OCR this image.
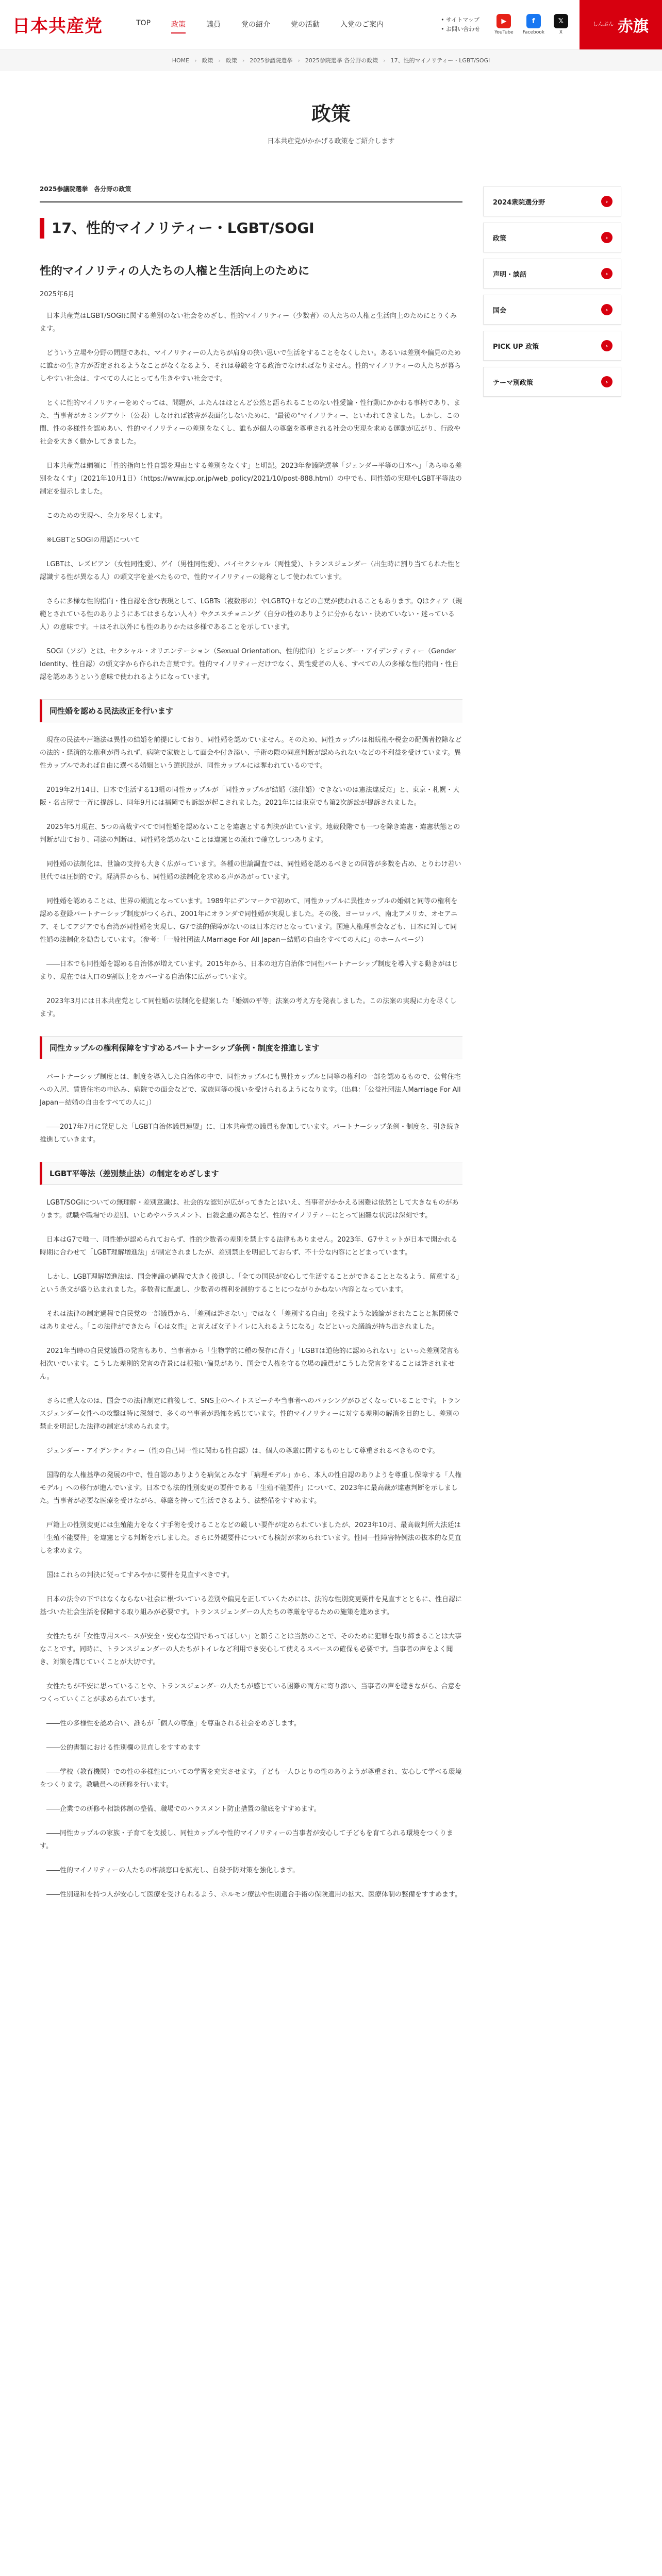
日本共産党	TOP	政策	議員	党の紹介	党の活動	入党のご案内
• サイトマップ
• お問い合わせ
▶
YouTube
f
Facebook
𝕏
X
しんぶん 赤旗
HOME › 政策 › 政策 › 2025参議院選挙 › 2025参院選挙 各分野の政策 › 17、性的マイノリティー・LGBT/SOGI
政策

日本共産党がかかげる政策をご紹介します

2025参議院選挙　各分野の政策
17、性的マイノリティー・LGBT/SOGI
性的マイノリティの人たちの人権と生活向上のために
2025年6月
日本共産党はLGBT/SOGIに関する差別のない社会をめざし、性的マイノリティー（少数者）の人たちの人権と生活向上のためにとりくみます。
どういう立場や分野の問題であれ、マイノリティーの人たちが肩身の狭い思いで生活をすることをなくしたい。あるいは差別や偏見のために誰かの生き方が否定されるようなことがなくなるよう、それは尊厳を守る政治でなければなりません。性的マイノリティーの人たちが暮らしやすい社会は、すべての人にとっても生きやすい社会です。
とくに性的マイノリティーをめぐっては、問題が、ふたんはほとんど公然と語られることのない性愛論・性行動にかかわる事柄であり、また、当事者がカミングアウト（公表）しなければ被害が表面化しないために、"最後の"マイノリティー、といわれてきました。しかし、この間、性の多様性を認めあい、性的マイノリティーの差別をなくし、誰もが個人の尊厳を尊重される社会の実現を求める運動が広がり、行政や社会を大きく動かしてきました。
日本共産党は綱領に「性的指向と性自認を理由とする差別をなくす」と明記。2023年参議院選挙「ジェンダー平等の日本へ」「あらゆる差別をなくす」（2021年10月1日）（https://www.jcp.or.jp/web_policy/2021/10/post-888.html）の中でも、同性婚の実現やLGBT平等法の制定を提示しました。
このための実現へ、全力を尽くします。
※LGBTとSOGIの用語について
LGBTは、レズビアン（女性同性愛）、ゲイ（男性同性愛）、バイセクシャル（両性愛）、トランスジェンダー（出生時に割り当てられた性と認識する性が異なる人）の頭文字を並べたもので、性的マイノリティーの総称として使われています。
さらに多様な性的指向・性自認を含む表現として、LGBTs（複数形の）やLGBTQ＋などの言葉が使われることもあります。Qはクィア（規範とされている性のありようにあてはまらない人々）やクエスチョニング（自分の性のありように分からない・決めていない・迷っている人）の意味です。＋はそれ以外にも性のありかたは多様であることを示しています。
SOGI（ソジ）とは、セクシャル・オリエンテーション（Sexual Orientation、性的指向）とジェンダー・アイデンティティー（Gender Identity、性自認）の頭文字から作られた言葉です。性的マイノリティーだけでなく、異性愛者の人も、すべての人の多様な性的指向・性自認を認めあうという意味で使われるようになっています。
同性婚を認める民法改正を行います
現在の民法や戸籍法は異性の結婚を前提にしており、同性婚を認めていません。そのため、同性カップルは相続権や税金の配偶者控除などの法的・経済的な権利が得られず、病院で家族として面会や付き添い、手術の際の同意判断が認められないなどの不利益を受けています。異性カップルであれば自由に選べる婚姻という選択肢が、同性カップルには奪われているのです。
2019年2月14日、日本で生活する13組の同性カップルが「同性カップルが結婚（法律婚）できないのは憲法違反だ」と、東京・札幌・大阪・名古屋で一斉に提訴し、同年9月には福岡でも訴訟が起こされました。2021年には東京でも第2次訴訟が提訴されました。
2025年5月現在、5つの高裁すべてで同性婚を認めないことを違憲とする判決が出ています。地裁段階でも一つを除き違憲・違憲状態との判断が出ており、司法の判断は、同性婚を認めないことは違憲との流れで確立しつつあります。
同性婚の法制化は、世論の支持も大きく広がっています。各種の世論調査では、同性婚を認めるべきとの回答が多数を占め、とりわけ若い世代では圧倒的です。経済界からも、同性婚の法制化を求める声があがっています。
同性婚を認めることは、世界の潮流となっています。1989年にデンマークで初めて、同性カップルに異性カップルの婚姻と同等の権利を認める登録パートナーシップ制度がつくられ、2001年にオランダで同性婚が実現しました。その後、ヨーロッパ、南北アメリカ、オセアニア、そしてアジアでも台湾が同性婚を実現し、G7で法的保障がないのは日本だけとなっています。国連人権理事会なども、日本に対して同性婚の法制化を勧告しています。（参考：「一般社団法人Marriage For All Japan－結婚の自由をすべての人に」のホームページ）
――日本でも同性婚を認める自治体が増えています。2015年から、日本の地方自治体で同性パートナーシップ制度を導入する動きがはじまり、現在では人口の9割以上をカバーする自治体に広がっています。
2023年3月には日本共産党として同性婚の法制化を提案した「婚姻の平等」法案の考え方を発表しました。この法案の実現に力を尽くします。
同性カップルの権利保障をすすめるパートナーシップ条例・制度を推進します
パートナーシップ制度とは、制度を導入した自治体の中で、同性カップルにも異性カップルと同等の権利の一部を認めるもので、公営住宅への入居、賃貸住宅の申込み、病院での面会などで、家族同等の扱いを受けられるようになります。（出典：「公益社団法人Marriage For All Japan－結婚の自由をすべての人に」）
――2017年7月に発足した「LGBT自治体議員連盟」に、日本共産党の議員も参加しています。パートナーシップ条例・制度を、引き続き推進していきます。
LGBT平等法（差別禁止法）の制定をめざします
LGBT/SOGIについての無理解・差別意識は、社会的な認知が広がってきたとはいえ、当事者がかかえる困難は依然として大きなものがあります。就職や職場での差別、いじめやハラスメント、自殺念慮の高さなど、性的マイノリティーにとって困難な状況は深刻です。
日本はG7で唯一、同性婚が認められておらず、性的少数者の差別を禁止する法律もありません。2023年、G7サミットが日本で開かれる時期に合わせて「LGBT理解増進法」が制定されましたが、差別禁止を明記しておらず、不十分な内容にとどまっています。
しかし、LGBT理解増進法は、国会審議の過程で大きく後退し、「全ての国民が安心して生活することができることとなるよう、留意する」という条文が盛り込まれました。多数者に配慮し、少数者の権利を制約することにつながりかねない内容となっています。
それは法律の制定過程で自民党の一部議員から、「差別は許さない」ではなく「差別する自由」を残すような議論がされたことと無関係ではありません。「この法律ができたら『心は女性』と言えば女子トイレに入れるようになる」などといった議論が持ち出されました。
2021年当時の自民党議員の発言もあり、当事者から「生物学的に種の保存に背く」「LGBTは道徳的に認められない」といった差別発言も相次いでいます。こうした差別的発言の背景には根強い偏見があり、国会で人権を守る立場の議員がこうした発言をすることは許されません。
さらに重大なのは、国会での法律制定に前後して、SNS上のヘイトスピーチや当事者へのバッシングがひどくなっていることです。トランスジェンダー女性への攻撃は特に深刻で、多くの当事者が恐怖を感じています。性的マイノリティーに対する差別の解消を目的とし、差別の禁止を明記した法律の制定が求められます。
ジェンダー・アイデンティティー（性の自己同一性に関わる性自認）は、個人の尊厳に関するものとして尊重されるべきものです。
国際的な人権基準の発展の中で、性自認のありようを病気とみなす「病理モデル」から、本人の性自認のありようを尊重し保障する「人権モデル」への移行が進んでいます。日本でも法的性別変更の要件である「生殖不能要件」について、2023年に最高裁が違憲判断を示しました。当事者が必要な医療を受けながら、尊厳を持って生活できるよう、法整備をすすめます。
戸籍上の性別変更には生殖能力をなくす手術を受けることなどの厳しい要件が定められていましたが、2023年10月、最高裁判所大法廷は「生殖不能要件」を違憲とする判断を示しました。さらに外観要件についても検討が求められています。性同一性障害特例法の抜本的な見直しを求めます。
国はこれらの判決に従ってすみやかに要件を見直すべきです。
日本の法令の下ではなくならない社会に根づいている差別や偏見を正していくためには、法的な性別変更要件を見直すとともに、性自認に基づいた社会生活を保障する取り組みが必要です。トランスジェンダーの人たちの尊厳を守るための施策を進めます。
女性たちが「女性専用スペースが安全・安心な空間であってほしい」と願うことは当然のことで、そのために犯罪を取り締まることは大事なことです。同時に、トランスジェンダーの人たちがトイレなど利用でき安心して使えるスペースの確保も必要です。当事者の声をよく聞き、対策を講じていくことが大切です。
女性たちが不安に思っていることや、トランスジェンダーの人たちが感じている困難の両方に寄り添い、当事者の声を聴きながら、合意をつくっていくことが求められています。
――性の多様性を認め合い、誰もが「個人の尊厳」を尊重される社会をめざします。
――公的書類における性別欄の見直しをすすめます
――学校（教育機関）での性の多様性についての学習を充実させます。子ども一人ひとりの性のありようが尊重され、安心して学べる環境をつくります。教職員への研修を行います。
――企業での研修や相談体制の整備、職場でのハラスメント防止措置の徹底をすすめます。
――同性カップルの家族・子育てを支援し、同性カップルや性的マイノリティーの当事者が安心して子どもを育てられる環境をつくります。
――性的マイノリティーの人たちの相談窓口を拡充し、自殺予防対策を強化します。
――性別違和を持つ人が安心して医療を受けられるよう、ホルモン療法や性別適合手術の保険適用の拡大、医療体制の整備をすすめます。
2024衆院選分野	›
政策	›
声明・談話	›
国会	›
PICK UP 政策	›
テーマ別政策	›
